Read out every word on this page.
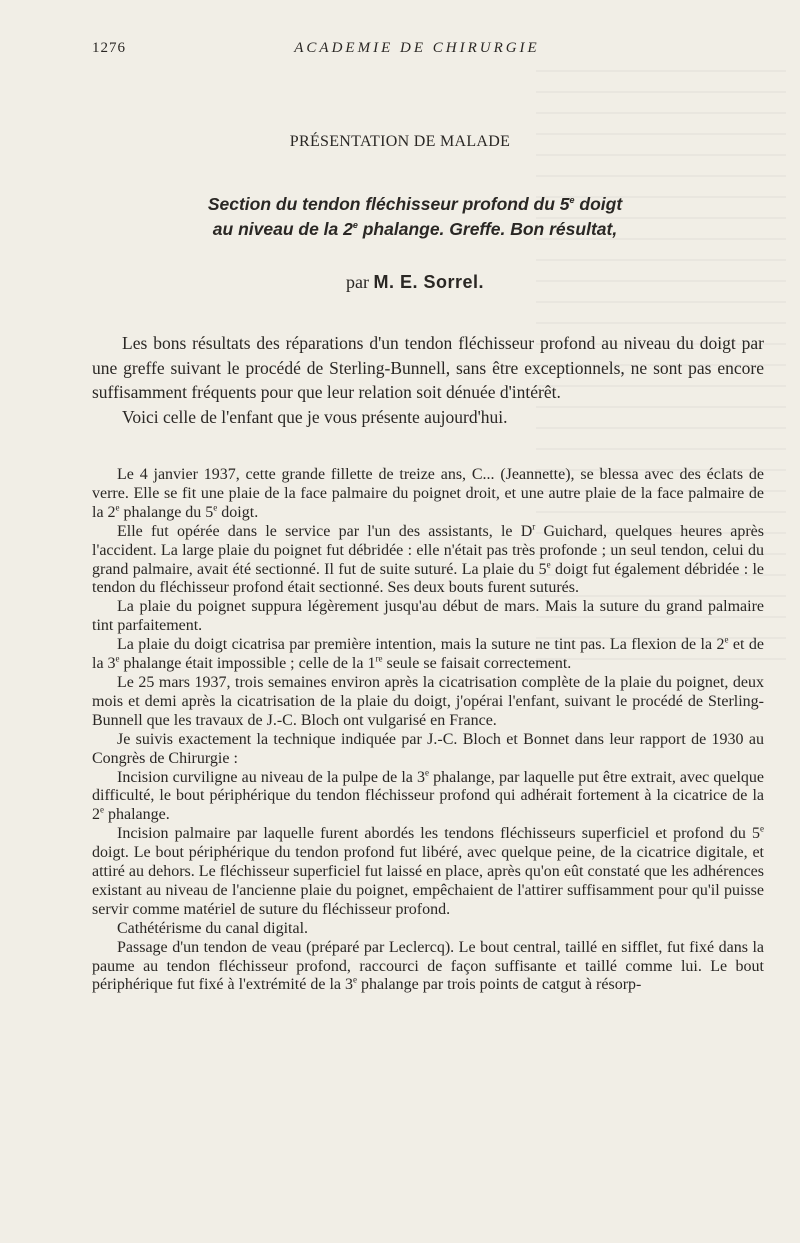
1276	ACADEMIE DE CHIRURGIE
PRÉSENTATION DE MALADE
Section du tendon fléchisseur profond du 5e doigt
au niveau de la 2e phalange. Greffe. Bon résultat,
par M. E. Sorrel.

Les bons résultats des réparations d'un tendon fléchisseur profond au niveau du doigt par une greffe suivant le procédé de Sterling-Bunnell, sans être exceptionnels, ne sont pas encore suffisamment fréquents pour que leur relation soit dénuée d'intérêt.

Voici celle de l'enfant que je vous présente aujourd'hui.

Le 4 janvier 1937, cette grande fillette de treize ans, C... (Jeannette), se blessa avec des éclats de verre. Elle se fit une plaie de la face palmaire du poignet droit, et une autre plaie de la face palmaire de la 2e phalange du 5e doigt.

Elle fut opérée dans le service par l'un des assistants, le $D^r$ Guichard, quelques heures après l'accident. La large plaie du poignet fut débridée : elle n'était pas très profonde ; un seul tendon, celui du grand palmaire, avait été sectionné. Il fut de suite suturé. La plaie du 5e doigt fut également débridée : le tendon du fléchisseur profond était sectionné. Ses deux bouts furent suturés.

La plaie du poignet suppura légèrement jusqu'au début de mars. Mais la suture du grand palmaire tint parfaitement.

La plaie du doigt cicatrisa par première intention, mais la suture ne tint pas. La flexion de la 2e et de la 3e phalange était impossible ; celle de la 1re seule se faisait correctement.

Le 25 mars 1937, trois semaines environ après la cicatrisation complète de la plaie du poignet, deux mois et demi après la cicatrisation de la plaie du doigt, j'opérai l'enfant, suivant le procédé de Sterling-Bunnell que les travaux de J.-C. Bloch ont vulgarisé en France.

Je suivis exactement la technique indiquée par J.-C. Bloch et Bonnet dans leur rapport de 1930 au Congrès de Chirurgie :

Incision curviligne au niveau de la pulpe de la 3e phalange, par laquelle put être extrait, avec quelque difficulté, le bout périphérique du tendon fléchisseur profond qui adhérait fortement à la cicatrice de la 2e phalange.

Incision palmaire par laquelle furent abordés les tendons fléchisseurs superficiel et profond du 5e doigt. Le bout périphérique du tendon profond fut libéré, avec quelque peine, de la cicatrice digitale, et attiré au dehors. Le fléchisseur superficiel fut laissé en place, après qu'on eût constaté que les adhérences existant au niveau de l'ancienne plaie du poignet, empêchaient de l'attirer suffisamment pour qu'il puisse servir comme matériel de suture du fléchisseur profond.

Cathétérisme du canal digital.

Passage d'un tendon de veau (préparé par Leclercq). Le bout central, taillé en sifflet, fut fixé dans la paume au tendon fléchisseur profond, raccourci de façon suffisante et taillé comme lui. Le bout périphérique fut fixé à l'extrémité de la 3e phalange par trois points de catgut à résorp-
